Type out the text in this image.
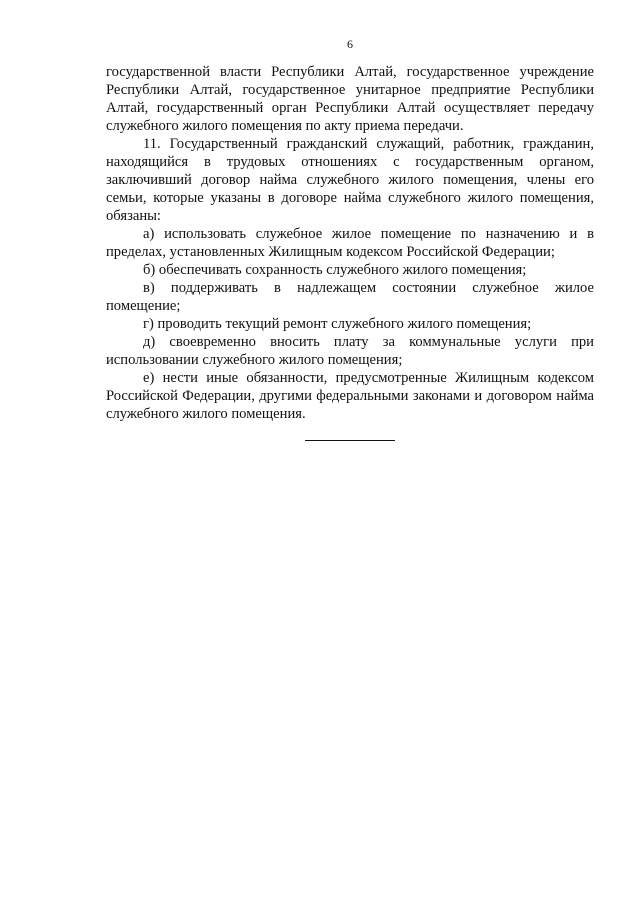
6

государственной власти Республики Алтай, государственное учреждение Республики Алтай, государственное унитарное предприятие Республики Алтай, государственный орган Республики Алтай осуществляет передачу служебного жилого помещения по акту приема передачи.

11. Государственный гражданский служащий, работник, гражданин, находящийся в трудовых отношениях с государственным органом, заключивший договор найма служебного жилого помещения, члены его семьи, которые указаны в договоре найма служебного жилого помещения, обязаны:

а) использовать служебное жилое помещение по назначению и в пределах, установленных Жилищным кодексом Российской Федерации;

б) обеспечивать сохранность служебного жилого помещения;

в) поддерживать в надлежащем состоянии служебное жилое помещение;

г) проводить текущий ремонт служебного жилого помещения;

д) своевременно вносить плату за коммунальные услуги при использовании служебного жилого помещения;

е) нести иные обязанности, предусмотренные Жилищным кодексом Российской Федерации, другими федеральными законами и договором найма служебного жилого помещения.
